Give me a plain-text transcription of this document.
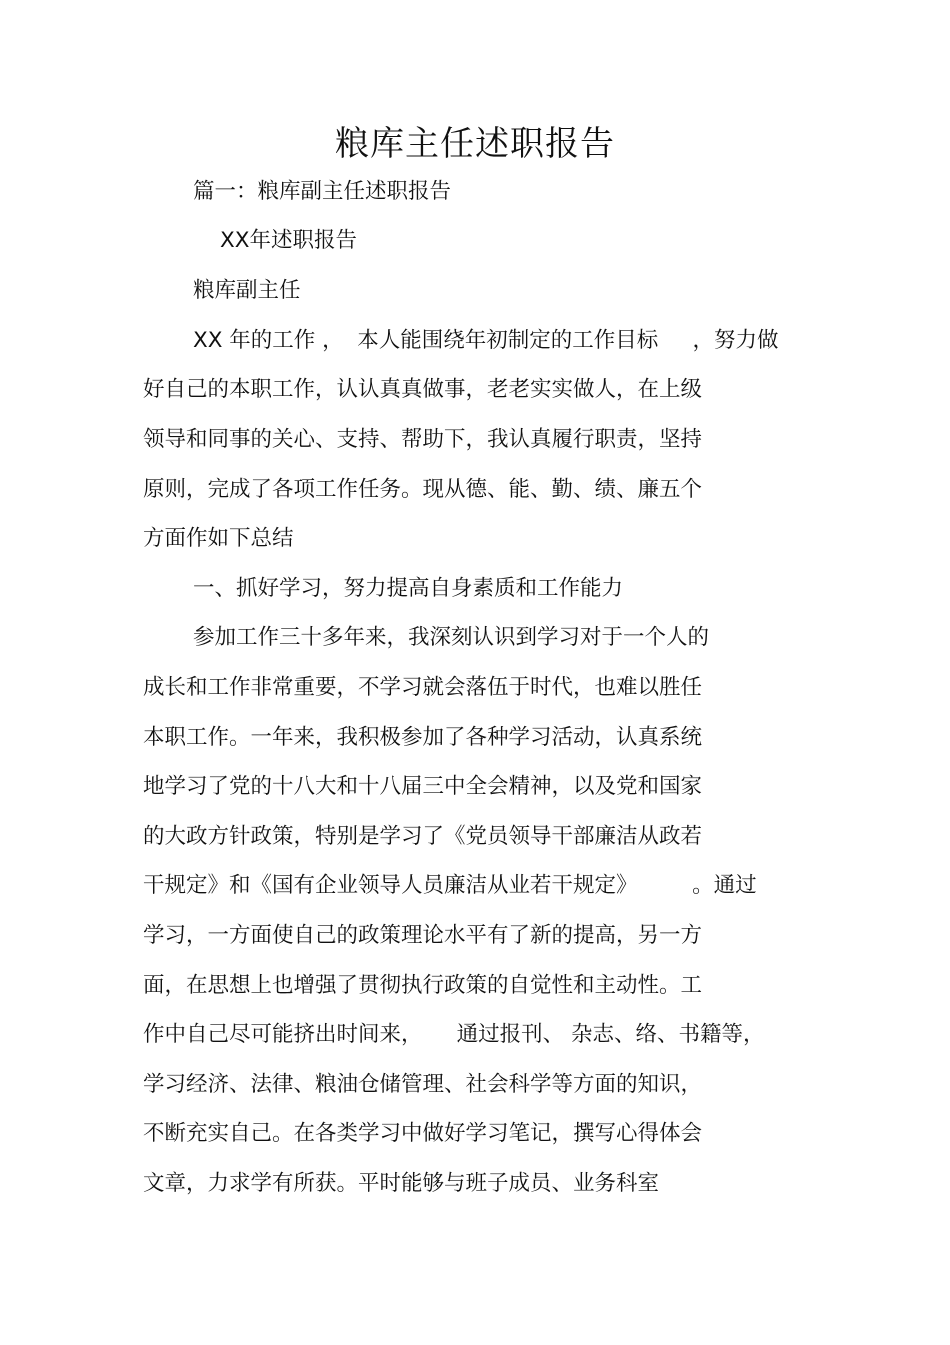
粮库主任述职报告
篇一：粮库副主任述职报告
XX年述职报告
粮库副主任
XX 年的工作 ，  本人能围绕年初制定的工作目标     ，努力做
好自己的本职工作，认认真真做事，老老实实做人，在上级
领导和同事的关心、支持、帮助下，我认真履行职责，坚持
原则，完成了各项工作任务。现从德、能、勤、绩、廉五个
方面作如下总结
一、抓好学习，努力提高自身素质和工作能力
参加工作三十多年来，我深刻认识到学习对于一个人的
成长和工作非常重要，不学习就会落伍于时代，也难以胜任
本职工作。一年来，我积极参加了各种学习活动，认真系统
地学习了党的十八大和十八届三中全会精神，以及党和国家
的大政方针政策，特别是学习了《党员领导干部廉洁从政若
干规定》和《国有企业领导人员廉洁从业若干规定》        。通过
学习，一方面使自己的政策理论水平有了新的提高，另一方
面，在思想上也增强了贯彻执行政策的自觉性和主动性。工
作中自己尽可能挤出时间来，     通过报刊、 杂志、络、书籍等，
学习经济、法律、粮油仓储管理、社会科学等方面的知识，
不断充实自己。在各类学习中做好学习笔记，撰写心得体会
文章，力求学有所获。平时能够与班子成员、业务科室
